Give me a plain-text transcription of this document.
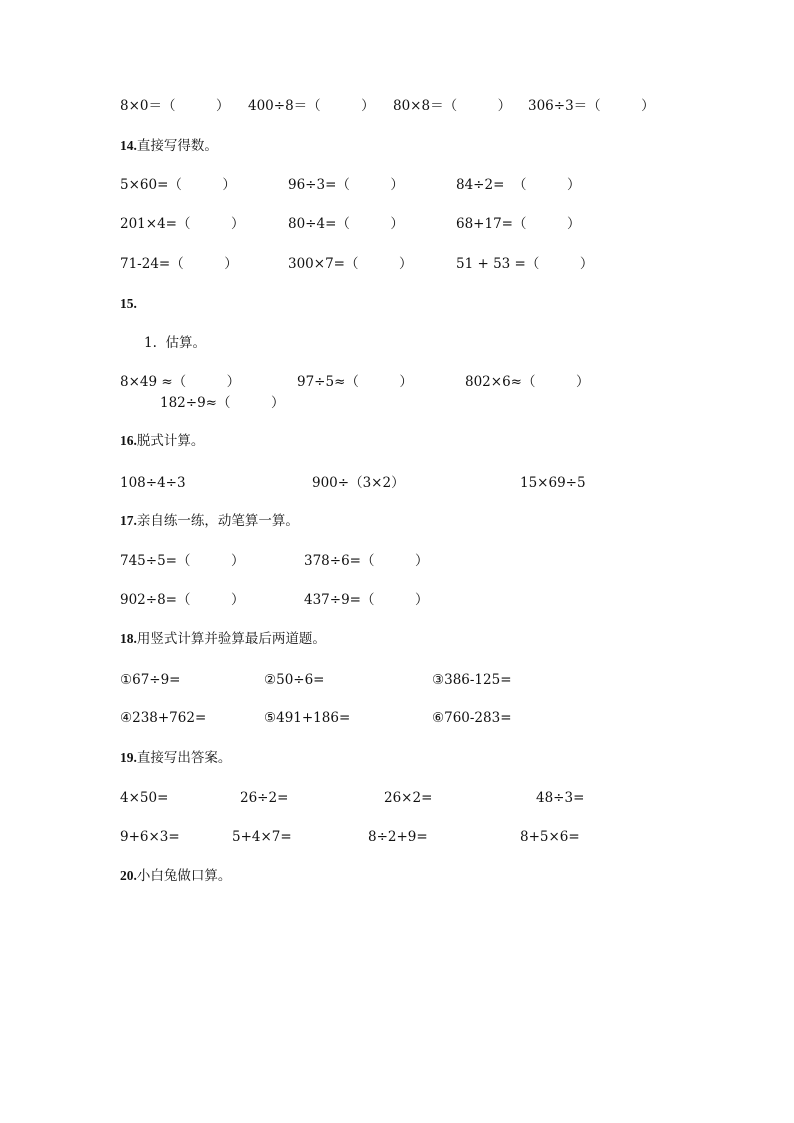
8×0＝（　　　） 400÷8＝（　　　） 80×8＝（　　　） 306÷3＝（　　　）
14.直接写得数。
5×60=（　　　）	96÷3=（　　　）	84÷2=  （　　　）
201×4=（　　　）	80÷4=（　　　）	68+17=（　　　）
71-24=（　　　）	300×7=（　　　）	51 + 53 =（　　　）
15.
1.  估算。
8×49 ≈（　　　）	97÷5≈（　　　）	802×6≈（　　　）
182÷9≈（　　　）
16.脱式计算。
108÷4÷3	900÷（3×2）	15×69÷5
17.亲自练一练，动笔算一算。
745÷5=（　　　）	378÷6=（　　　）
902÷8=（　　　）	437÷9=（　　　）
18.用竖式计算并验算最后两道题。
①67÷9=	②50÷6=	③386-125=
④238+762=	⑤491+186=	⑥760-283=
19.直接写出答案。
4×50=	26÷2=	26×2=	48÷3=
9+6×3=	5+4×7=	8÷2+9=	8+5×6=
20.小白兔做口算。
